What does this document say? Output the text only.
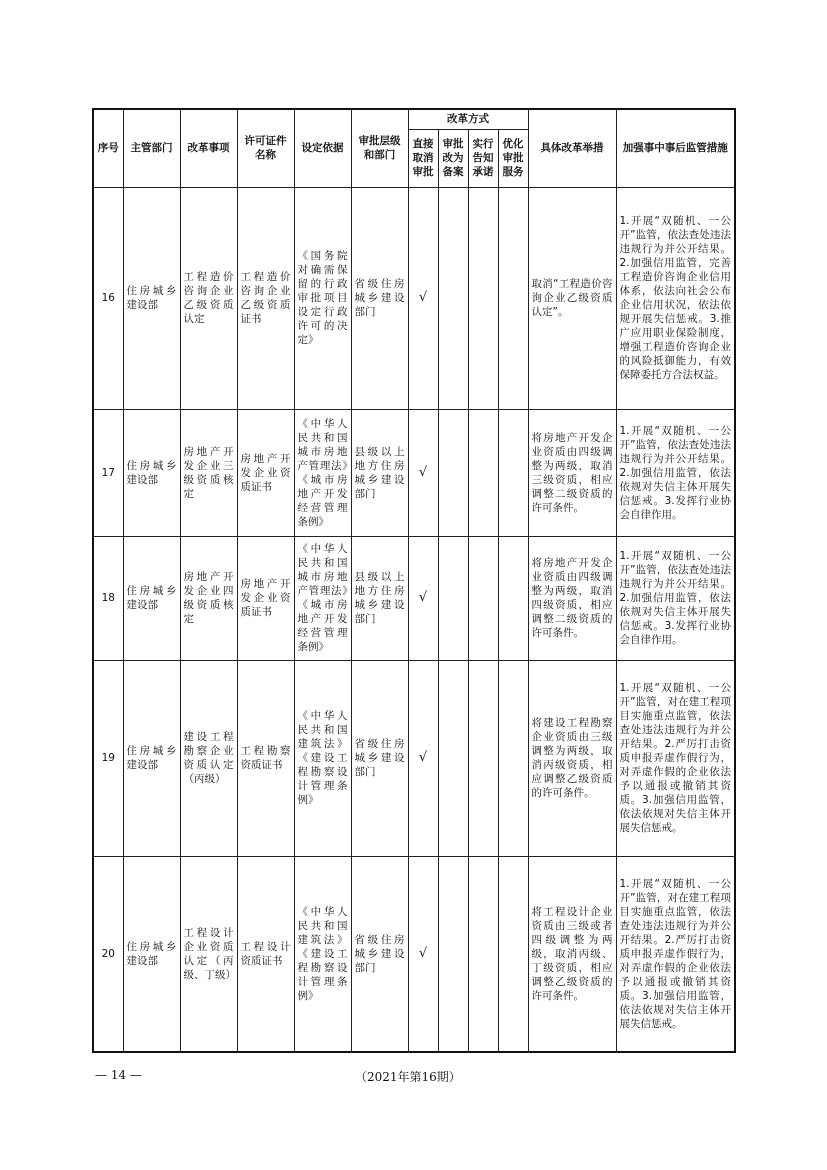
序号	主管部门	改革事项	许可证件名称	设定依据	审批层级和部门	改革方式				具体改革举措	加强事中事后监管措施
						直接取消审批	审批改为备案	实行告知承诺	优化审批服务		
16	住房城乡建设部	工程造价咨询企业乙级资质认定	工程造价咨询企业乙级资质证书	《国务院对确需保留的行政审批项目设定行政许可的决定》	省级住房城乡建设部门	√				取消“工程造价咨询企业乙级资质认定”。	1.开展“双随机、一公开”监管，依法查处违法违规行为并公开结果。2.加强信用监管，完善工程造价咨询企业信用体系，依法向社会公布企业信用状况，依法依规开展失信惩戒。3.推广应用职业保险制度，增强工程造价咨询企业的风险抵御能力，有效保障委托方合法权益。
17	住房城乡建设部	房地产开发企业三级资质核定	房地产开发企业资质证书	《中华人民共和国城市房地产管理法》《城市房地产开发经营管理条例》	县级以上地方住房城乡建设部门	√				将房地产开发企业资质由四级调整为两级，取消三级资质，相应调整二级资质的许可条件。	1.开展“双随机、一公开”监管，依法查处违法违规行为并公开结果。2.加强信用监管，依法依规对失信主体开展失信惩戒。3.发挥行业协会自律作用。
18	住房城乡建设部	房地产开发企业四级资质核定	房地产开发企业资质证书	《中华人民共和国城市房地产管理法》《城市房地产开发经营管理条例》	县级以上地方住房城乡建设部门	√				将房地产开发企业资质由四级调整为两级，取消四级资质，相应调整二级资质的许可条件。	1.开展“双随机、一公开”监管，依法查处违法违规行为并公开结果。2.加强信用监管，依法依规对失信主体开展失信惩戒。3.发挥行业协会自律作用。
19	住房城乡建设部	建设工程勘察企业资质认定（丙级）	工程勘察资质证书	《中华人民共和国建筑法》《建设工程勘察设计管理条例》	省级住房城乡建设部门	√				将建设工程勘察企业资质由三级调整为两级，取消丙级资质，相应调整乙级资质的许可条件。	1.开展“双随机、一公开”监管，对在建工程项目实施重点监管，依法查处违法违规行为并公开结果。2.严厉打击资质申报弄虚作假行为，对弄虚作假的企业依法予以通报或撤销其资质。3.加强信用监管，依法依规对失信主体开展失信惩戒。
20	住房城乡建设部	工程设计企业资质认定（丙级、丁级）	工程设计资质证书	《中华人民共和国建筑法》《建设工程勘察设计管理条例》	省级住房城乡建设部门	√				将工程设计企业资质由三级或者四级调整为两级，取消丙级、丁级资质，相应调整乙级资质的许可条件。	1.开展“双随机、一公开”监管，对在建工程项目实施重点监管，依法查处违法违规行为并公开结果。2.严厉打击资质申报弄虚作假行为，对弄虚作假的企业依法予以通报或撤销其资质。3.加强信用监管，依法依规对失信主体开展失信惩戒。
— 14 —	（2021年第16期）
